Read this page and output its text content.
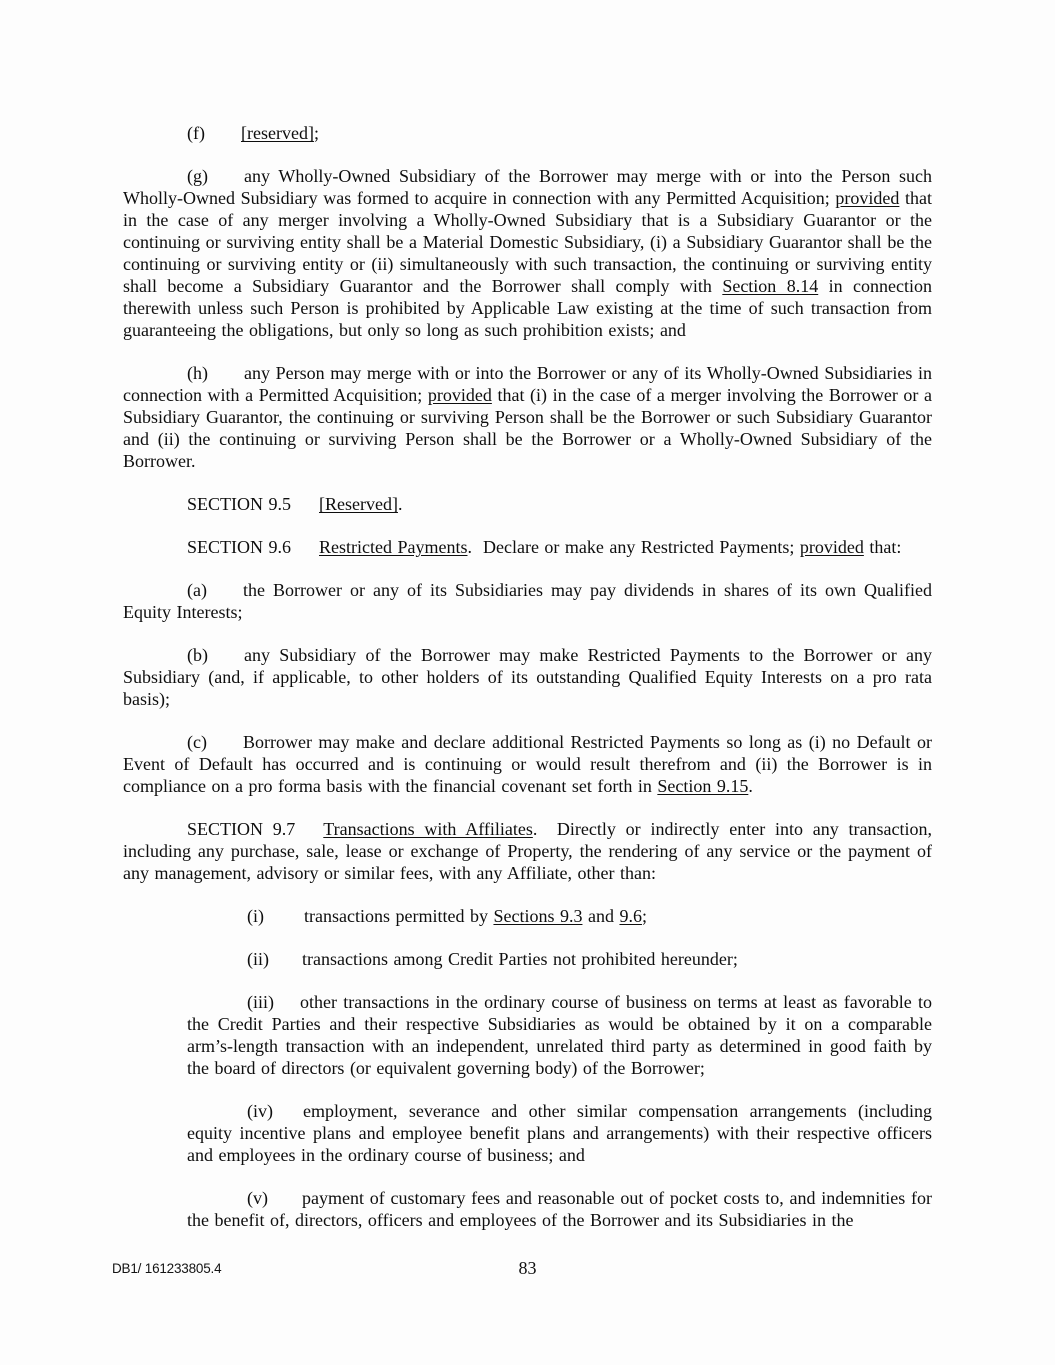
(f) [reserved];

(g) any Wholly-Owned Subsidiary of the Borrower may merge with or into the Person such Wholly-Owned Subsidiary was formed to acquire in connection with any Permitted Acquisition; provided that in the case of any merger involving a Wholly-Owned Subsidiary that is a Subsidiary Guarantor or the continuing or surviving entity shall be a Material Domestic Subsidiary, (i) a Subsidiary Guarantor shall be the continuing or surviving entity or (ii) simultaneously with such transaction, the continuing or surviving entity shall become a Subsidiary Guarantor and the Borrower shall comply with Section 8.14 in connection therewith unless such Person is prohibited by Applicable Law existing at the time of such transaction from guaranteeing the obligations, but only so long as such prohibition exists; and

(h) any Person may merge with or into the Borrower or any of its Wholly-Owned Subsidiaries in connection with a Permitted Acquisition; provided that (i) in the case of a merger involving the Borrower or a Subsidiary Guarantor, the continuing or surviving Person shall be the Borrower or such Subsidiary Guarantor and (ii) the continuing or surviving Person shall be the Borrower or a Wholly-Owned Subsidiary of the Borrower.

SECTION 9.5 [Reserved].

SECTION 9.6 Restricted Payments.  Declare or make any Restricted Payments; provided that:

(a) the Borrower or any of its Subsidiaries may pay dividends in shares of its own Qualified Equity Interests;

(b) any Subsidiary of the Borrower may make Restricted Payments to the Borrower or any Subsidiary (and, if applicable, to other holders of its outstanding Qualified Equity Interests on a pro rata basis);

(c) Borrower may make and declare additional Restricted Payments so long as (i) no Default or Event of Default has occurred and is continuing or would result therefrom and (ii) the Borrower is in compliance on a pro forma basis with the financial covenant set forth in Section 9.15.

SECTION 9.7 Transactions with Affiliates.  Directly or indirectly enter into any transaction, including any purchase, sale, lease or exchange of Property, the rendering of any service or the payment of any management, advisory or similar fees, with any Affiliate, other than:

(i) transactions permitted by Sections 9.3 and 9.6;

(ii) transactions among Credit Parties not prohibited hereunder;

(iii) other transactions in the ordinary course of business on terms at least as favorable to the Credit Parties and their respective Subsidiaries as would be obtained by it on a comparable arm’s-length transaction with an independent, unrelated third party as determined in good faith by the board of directors (or equivalent governing body) of the Borrower;

(iv) employment, severance and other similar compensation arrangements (including equity incentive plans and employee benefit plans and arrangements) with their respective officers and employees in the ordinary course of business; and

(v) payment of customary fees and reasonable out of pocket costs to, and indemnities for the benefit of, directors, officers and employees of the Borrower and its Subsidiaries in the

DB1/ 161233805.4	83
